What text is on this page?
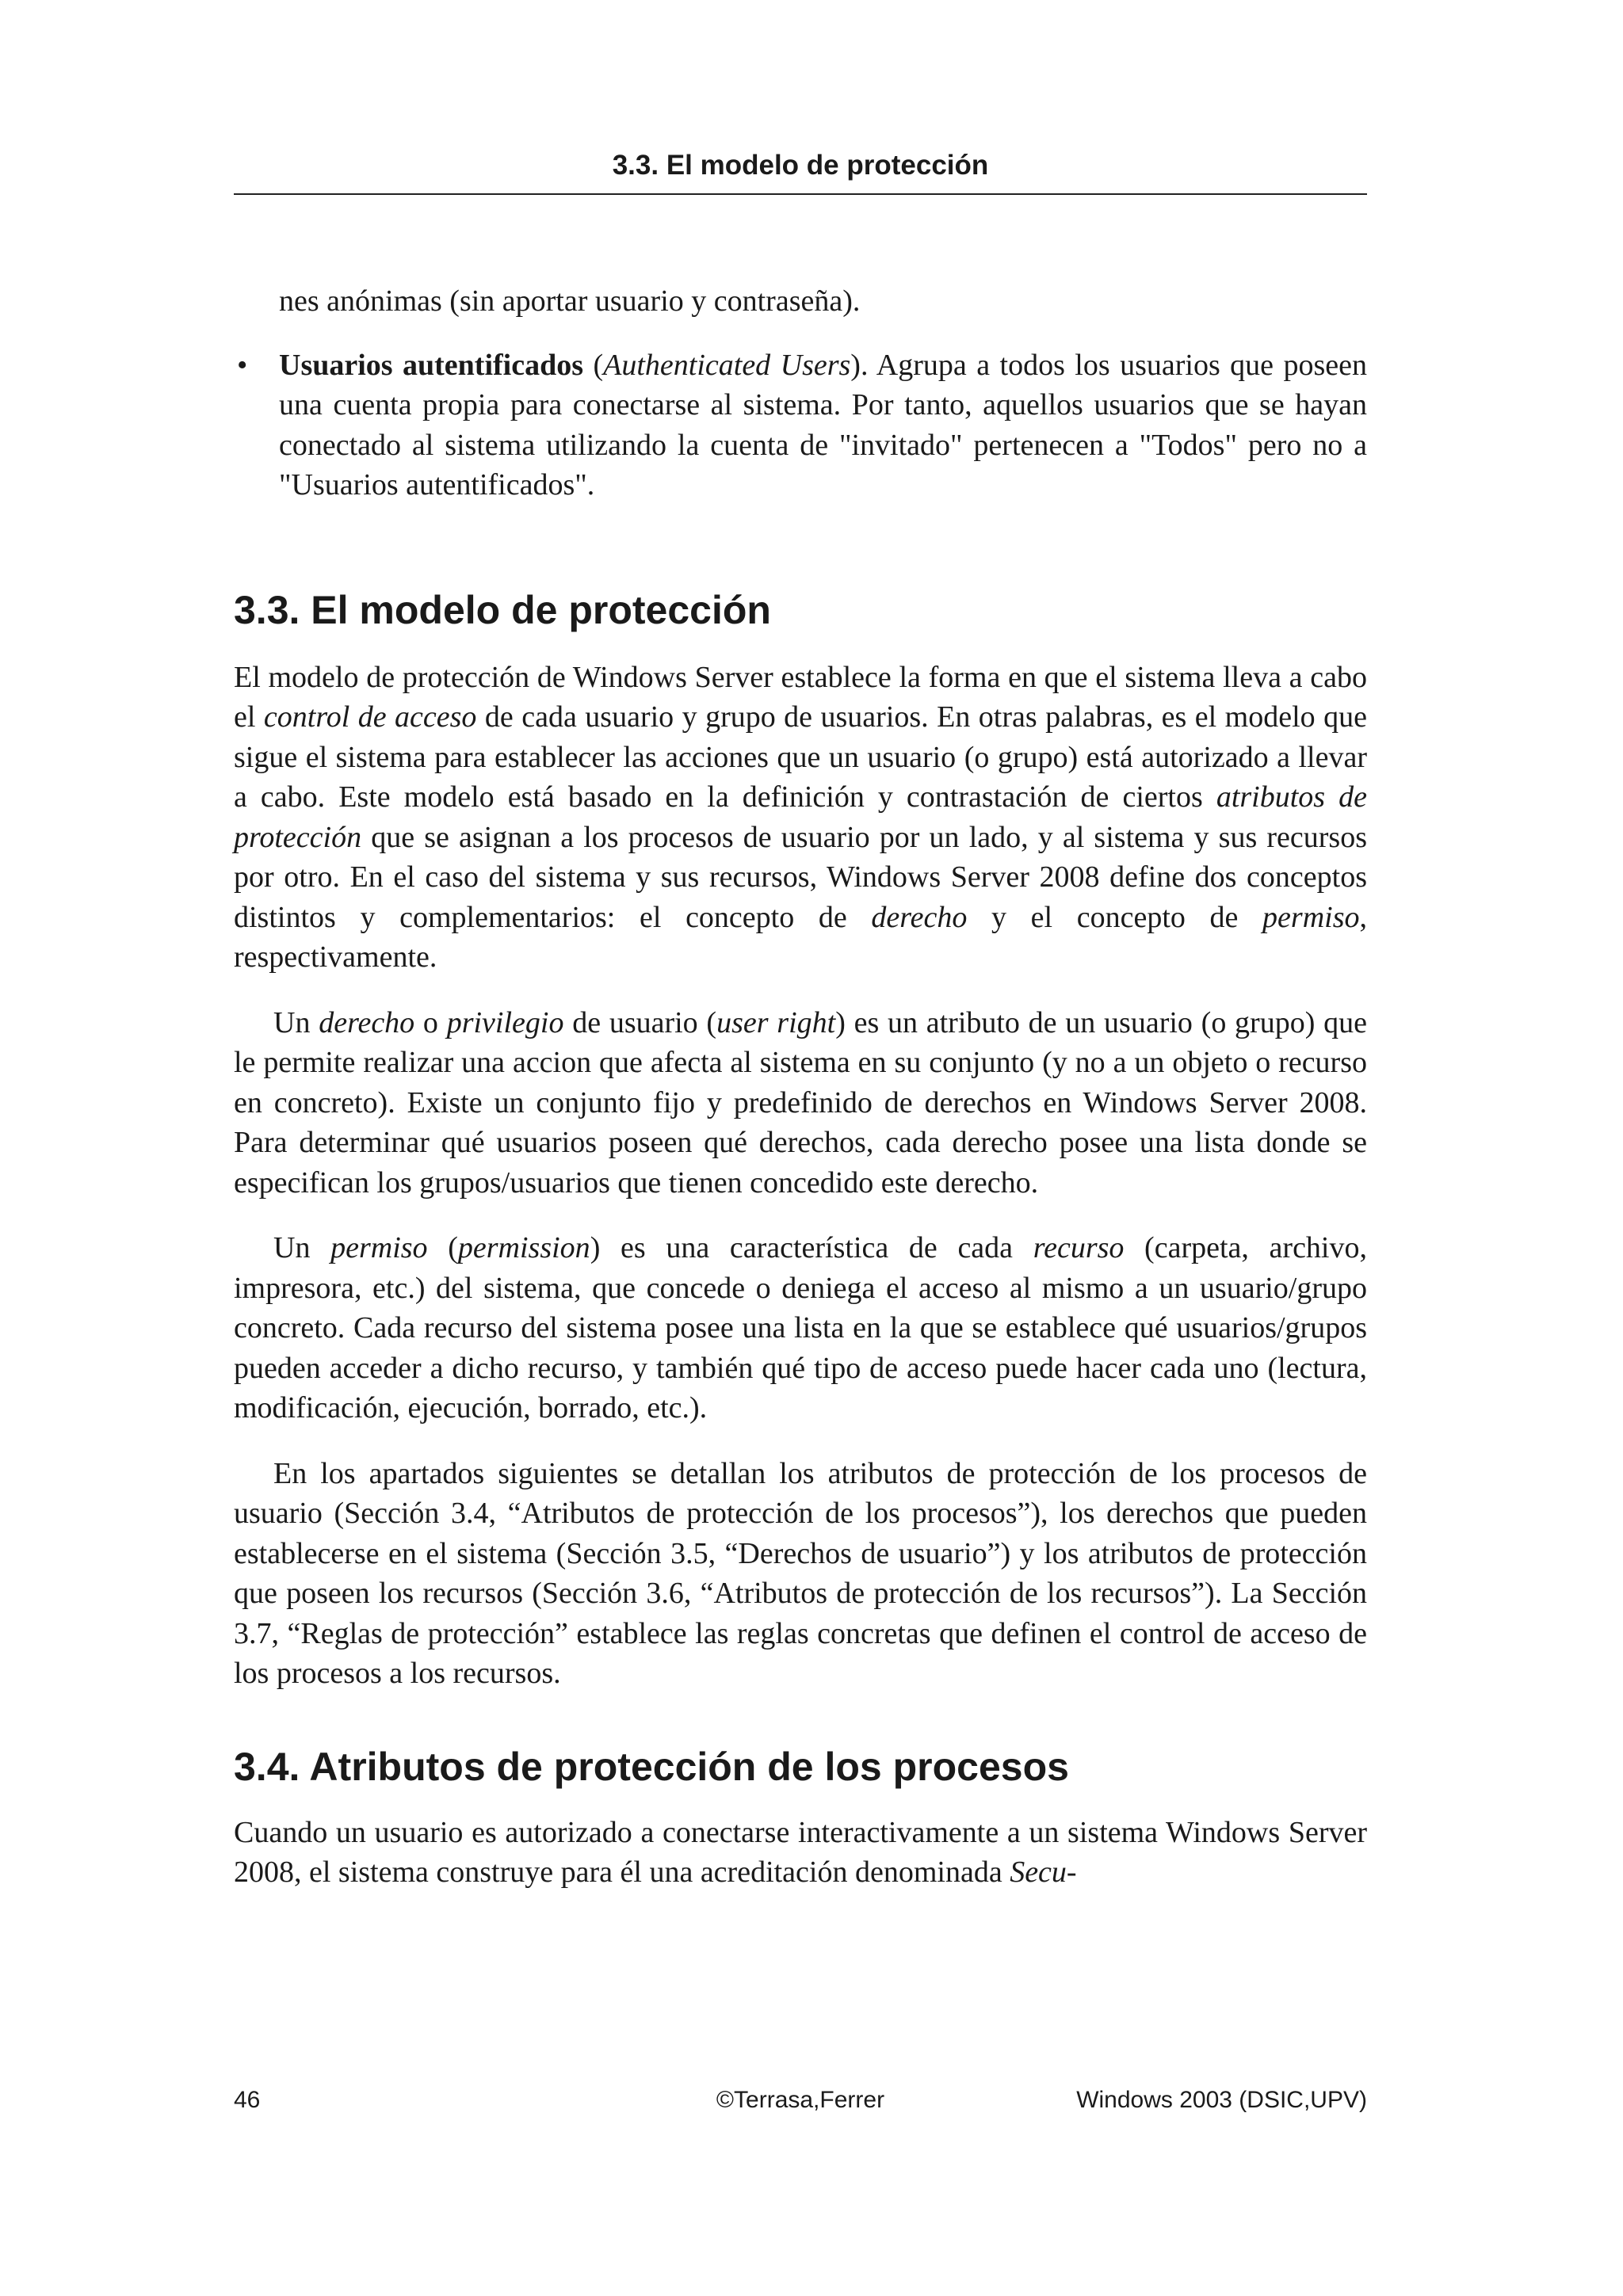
3.3. El modelo de protección

nes anónimas (sin aportar usuario y contraseña).

• Usuarios autentificados (Authenticated Users). Agrupa a todos los usuarios que poseen una cuenta propia para conectarse al sistema. Por tanto, aquellos usuarios que se hayan conectado al sistema utilizando la cuenta de "invitado" pertenecen a "Todos" pero no a "Usuarios autentificados".
3.3. El modelo de protección

El modelo de protección de Windows Server establece la forma en que el sistema lleva a cabo el control de acceso de cada usuario y grupo de usuarios. En otras palabras, es el modelo que sigue el sistema para establecer las acciones que un usuario (o grupo) está autorizado a llevar a cabo. Este modelo está basado en la definición y contrastación de ciertos atributos de protección que se asignan a los procesos de usuario por un lado, y al sistema y sus recursos por otro. En el caso del sistema y sus recursos, Windows Server 2008 define dos conceptos distintos y complementarios: el concepto de derecho y el concepto de permiso, respectivamente.

Un derecho o privilegio de usuario (user right) es un atributo de un usuario (o grupo) que le permite realizar una accion que afecta al sistema en su conjunto (y no a un objeto o recurso en concreto). Existe un conjunto fijo y predefinido de derechos en Windows Server 2008. Para determinar qué usuarios poseen qué derechos, cada derecho posee una lista donde se especifican los grupos/usuarios que tienen concedido este derecho.

Un permiso (permission) es una característica de cada recurso (carpeta, archivo, impresora, etc.) del sistema, que concede o deniega el acceso al mismo a un usuario/grupo concreto. Cada recurso del sistema posee una lista en la que se establece qué usuarios/grupos pueden acceder a dicho recurso, y también qué tipo de acceso puede hacer cada uno (lectura, modificación, ejecución, borrado, etc.).

En los apartados siguientes se detallan los atributos de protección de los procesos de usuario (Sección 3.4, “Atributos de protección de los procesos”), los derechos que pueden establecerse en el sistema (Sección 3.5, “Derechos de usuario”) y los atributos de protección que poseen los recursos (Sección 3.6, “Atributos de protección de los recursos”). La Sección 3.7, “Reglas de protección” establece las reglas concretas que definen el control de acceso de los procesos a los recursos.

3.4. Atributos de protección de los procesos

Cuando un usuario es autorizado a conectarse interactivamente a un sistema Windows Server 2008, el sistema construye para él una acreditación denominada Secu-

46	©Terrasa,Ferrer	Windows 2003 (DSIC,UPV)
